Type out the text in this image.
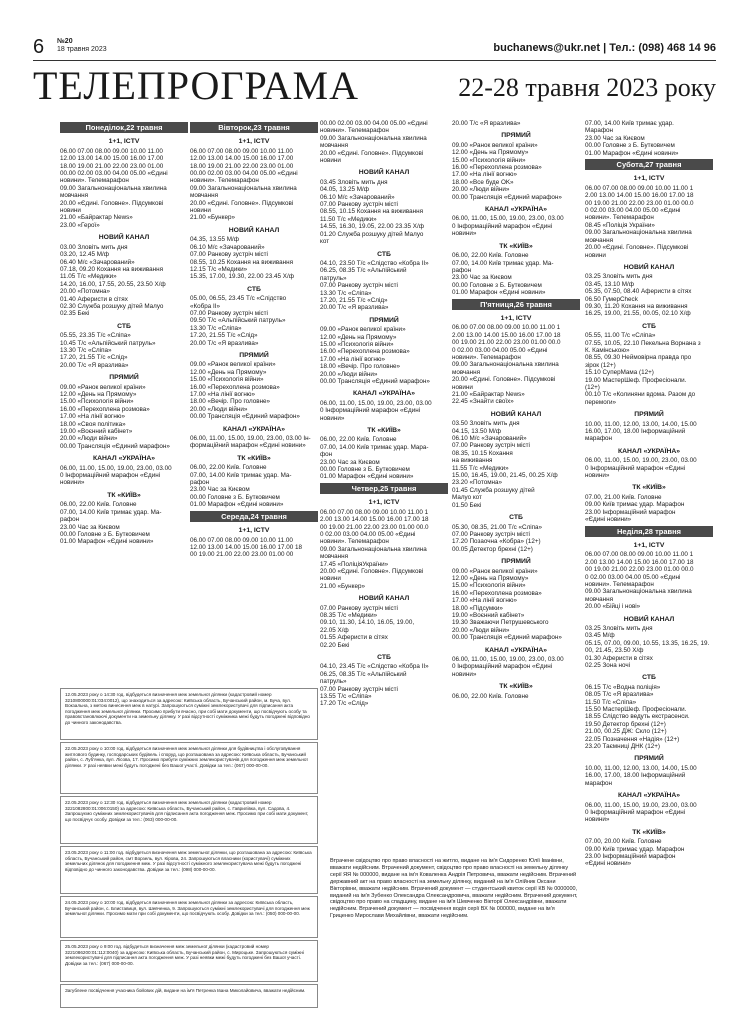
6 №20
18 травня 2023	buchanews@ukr.net | Тел.: (098) 468 14 96
ТЕЛЕПРОГРАМА	22-28 травня 2023 року
Понеділок,22 травня
1+1, ICTV
06.00 07.00 08.00 09.00 10.00 11.00
12.00 13.00 14.00 15.00 16.00 17.00
18.00 19.00 21.00 22.00 23.00 01.00
00.00 02.00 03.00 04.00 05.00 «Єдині
новини». Телемарафон
09.00 Загальнонаціональна хвилина
мовчання
20.00 «Єдині. Головне». Підсумкові
новини
21.00 «Байрактар News»
23.00 «Герої»
НОВИЙ КАНАЛ
03.00 Зловіть мить дня
03.20, 12.45 М/ф
06.40 М/с «Зачарований»
07.18, 09.20 Кохання на виживання
11.05 Т/с «Медики»
14.20, 16.00, 17.55, 20.55, 23.50 Х/ф
20.00 «Потомна»
01.40 Аферисти в сітях
02.30 Служба розшуку дітей Малуо
02.35 Бекі
СТБ
05.55, 23.35 Т/с «Сліпа»
10.45 Т/с «Альпійський патруль»
13.30 Т/с «Сліпа»
17.20, 21.55 Т/с «Слід»
20.00 Т/с «Я вразлива»
ПРЯМИЙ
09.00 «Ранок великої країни»
12.00 «День на Прямому»
15.00 «Психологія війни»
16.00 «Перехоплена розмова»
17.00 «На лінії вогню»
18.00 «Своя політика»
19.00 «Воєнний кабінет»
20.00 «Люди війни»
00.00 Трансляція «Єдиний марафон»
КАНАЛ «УКРАЇНА»
06.00, 11.00, 15.00, 19.00, 23.00, 03.00
0 Інформаційний марафон «Єдині
новини»
ТК «КИЇВ»
06.00, 22.00 Київ. Головне
07.00, 14.00 Київ тримає удар. Ма-
рафон
23.00 Час за Києвом
00.00 Головне з Б. Бутковичем
01.00 Марафон «Єдині новини»
Вівторок,23 травня
1+1, ICTV
06.00 07.00 08.00 09.00 10.00 11.00
12.00 13.00 14.00 15.00 16.00 17.00
18.00 19.00 21.00 22.00 23.00 01.00
00.00 02.00 03.00 04.00 05.00 «Єдині
новини». Телемарафон
09.00 Загальнонаціональна хвилина
мовчання
20.00 «Єдині. Головне». Підсумкові
новини
21.00 «Бункер»
НОВИЙ КАНАЛ
04.35, 13.55 М/ф
06.10 М/с «Зачарований»
07.00 Ранкову зустріч місті
08.55, 10.25 Кохання на виживання
12.15 Т/с «Медики»
15.35, 17.00, 19.30, 22.00 23.45 Х/ф
СТБ
05.00, 06.55, 23.45 Т/с «Слідство
«Кобра II»
07.00 Ранкову зустріч місті
09.50 Т/с «Альпійський патруль»
13.30 Т/с «Сліпа»
17.20, 21.55 Т/с «Слід»
20.00 Т/с «Я вразлива»
ПРЯМИЙ
09.00 «Ранок великої країни»
12.00 «День на Прямому»
15.00 «Психологія війни»
16.00 «Перехоплена розмова»
17.00 «На лінії вогню»
18.00 «Вечір. Про головне»
20.00 «Люди війни»
00.00 Трансляція «Єдиний марафон»
КАНАЛ «УКРАЇНА»
06.00, 11.00, 15.00, 19.00, 23.00, 03.00 Ін-
формаційний марафон «Єдині новини»
ТК «КИЇВ»
06.00, 22.00 Київ. Головне
07.00, 14.00 Київ тримає удар. Ма-
рафон
23.00 Час за Києвом
00.00 Головне з Б. Бутковичем
01.00 Марафон «Єдині новини»
Середа,24 травня
1+1, ICTV
06.00 07.00 08.00 09.00 10.00 11.00
12.00 13.00 14.00 15.00 16.00 17.00 18
00 19.00 21.00 22.00 23.00 01.00 00
00.00 02.00 03.00 04.00 05.00 «Єдині
новини». Телемарафон
09.00 Загальнонаціональна хвилина
мовчання
20.00 «Єдині. Головне». Підсумкові
новини
НОВИЙ КАНАЛ
03.45 Зловіть мить дня
04.05, 13.25 М/ф
06.10 М/с «Зачарований»
07.00 Ранкову зустріч місті
08.55, 10.15 Кохання на виживання
11.50 Т/с «Медики»
14.55, 16.30, 19.05, 22.00 23.35 Х/ф
01.20 Служба розшуку дітей Малуо
кот
СТБ
04.10, 23.50 Т/с «Слідство «Кобра II»
06.25, 08.35 Т/с «Альпійський
патруль»
07.00 Ранкову зустріч місті
13.30 Т/с «Сліпа»
17.20, 21.55 Т/с «Слід»
20.00 Т/с «Я вразлива»
ПРЯМИЙ
09.00 «Ранок великої країни»
12.00 «День на Прямому»
15.00 «Психологія війни»
16.00 «Перехоплена розмова»
17.00 «На лінії вогню»
18.00 «Вечір. Про головне»
20.00 «Люди війни»
00.00 Трансляція «Єдиний марафон»
КАНАЛ «УКРАЇНА»
06.00, 11.00, 15.00, 19.00, 23.00, 03.00
0 Інформаційний марафон «Єдині
новини»
ТК «КИЇВ»
06.00, 22.00 Київ. Головне
07.00, 14.00 Київ тримає удар. Мара-
фон
23.00 Час за Києвом
00.00 Головне з Б. Бутковичем
01.00 Марафон «Єдині новини»
Четвер,25 травня
1+1, ICTV
06.00 07.00 08.00 09.00 10.00 11.00 1
2.00 13.00 14.00 15.00 16.00 17.00 18
00 19.00 21.00 22.00 23.00 01.00 00.0
0 02.00 03.00 04.00 05.00 «Єдині
новини». Телемарафон
09.00 Загальнонаціональна хвилина
мовчання
17.45 «ПоліціяУкраїни»
20.00 «Єдині. Головне». Підсумкові
новини
21.00 «Бункер»
НОВИЙ КАНАЛ
07.00 Ранкову зустріч місті
08.35 Т/с «Медики»
09.10, 11.30, 14.10, 16.05, 19.00,
22.05 Х/ф
01.55 Аферисти в сітях
02.20 Бекі
СТБ
04.10, 23.45 Т/с «Слідство «Кобра II»
06.25, 08.35 Т/с «Альпійський
патруль»
07.00 Ранкову зустріч місті
13.55 Т/с «Сліпа»
17.20 Т/с «Слід»
20.00 Т/с «Я вразлива»
ПРЯМИЙ
09.00 «Ранок великої країни»
12.00 «День на Прямому»
15.00 «Психологія війни»
16.00 «Перехоплена розмова»
17.00 «На лінії вогню»
18.00 «Все буде OK»
20.00 «Люди війни»
00.00 Трансляція «Єдиний марафон»
КАНАЛ «УКРАЇНА»
06.00, 11.00, 15.00, 19.00, 23.00, 03.00
0 Інформаційний марафон «Єдині
новини»
ТК «КИЇВ»
06.00, 22.00 Київ. Головне
07.00, 14.00 Київ тримає удар. Ма-
рафон
23.00 Час за Києвом
00.00 Головне з Б. Бутковичем
01.00 Марафон «Єдині новини»
П'ятниця,26 травня
1+1, ICTV
06.00 07.00 08.00 09.00 10.00 11.00 1
2.00 13.00 14.00 15.00 16.00 17.00 18
00 19.00 21.00 22.00 23.00 01.00 00.0
0 02.00 03.00 04.00 05.00 «Єдині
новини». Телемарафон
09.00 Загальнонаціональна хвилина
мовчання
20.00 «Єдині. Головне». Підсумкові
новини
21.00 «Байрактар News»
22.45 «Знайти своїх»
НОВИЙ КАНАЛ
03.50 Зловіть мить дня
04.15, 13.50 М/ф
06.10 М/с «Зачарований»
07.00 Ранкову зустріч місті
08.35, 10.15 Кохання
на виживання
11.55 Т/с «Медики»
15.00, 16.45, 19.00, 21.45, 00.25 Х/ф
23.20 «Потомна»
01.45 Служба розшуку дітей
Малуо кот
01.50 Бекі
СТБ
05.30, 08.35, 21.00 Т/с «Сліпа»
07.00 Ранкову зустріч місті
17.20 Позаочна «Кобра» (12+)
00.05 Детектор брехні (12+)
ПРЯМИЙ
09.00 «Ранок великої країни»
12.00 «День на Прямому»
15.00 «Психологія війни»
16.00 «Перехоплена розмова»
17.00 «На лінії вогню»
18.00 «Підсумки»
19.00 «Воєнний кабінет»
19.30 Зважаючи Петрушевського
20.00 «Люди війни»
00.00 Трансляція «Єдиний марафон»
КАНАЛ «УКРАЇНА»
06.00, 11.00, 15.00, 19.00, 23.00, 03.00
0 Інформаційний марафон «Єдині
новини»
ТК «КИЇВ»
06.00, 22.00 Київ. Головне
07.00, 14.00 Київ тримає удар.
Марафон
23.00 Час за Києвом
00.00 Головне з Б. Бутковичем
01.00 Марафон «Єдині новини»
Субота,27 травня
1+1, ICTV
06.00 07.00 08.00 09.00 10.00 11.00 1
2.00 13.00 14.00 15.00 16.00 17.00 18
00 19.00 21.00 22.00 23.00 01.00 00.0
0 02.00 03.00 04.00 05.00 «Єдині
новини». Телемарафон
08.45 «Поліція України»
09.00 Загальнонаціональна хвилина
мовчання
20.00 «Єдині. Головне». Підсумкові
новини
НОВИЙ КАНАЛ
03.25 Зловіть мить дня
03.45, 13.10 М/ф
05.35, 07.50, 08.40 Аферисти в сітях
06.50 ҐумерCheck
09.30, 11.20 Кохання на виживання
16.25, 19.00, 21.55, 00.05, 02.10 Х/ф
СТБ
05.55, 11.00 Т/с «Сліпа»
07.55, 10.05, 22.10 Пекельна Ворнана з
К. Камінською»
08.55, 09.30 Неймовірна правда про
зірок (12+)
15.10 СуперМама (12+)
19.00 МастерШеф. Професіонали.
(12+)
00.10 Т/с «Колиняни вдома. Разом до
перемоги»
ПРЯМИЙ
10.00, 11.00, 12.00, 13.00, 14.00, 15.00
16.00, 17.00, 18.00 Інформаційний
марафон
КАНАЛ «УКРАЇНА»
06.00, 11.00, 15.00, 19.00, 23.00, 03.00
0 Інформаційний марафон «Єдині
новини»
ТК «КИЇВ»
07.00, 21.00 Київ. Головне
09.00 Київ тримає удар. Марафон
23.00 Інформаційний марафон
«Єдині новини»
Неділя,28 травня
1+1, ICTV
06.00 07.00 08.00 09.00 10.00 11.00 1
2.00 13.00 14.00 15.00 16.00 17.00 18
00 19.00 21.00 22.00 23.00 01.00 00.0
0 02.00 03.00 04.00 05.00 «Єдині
новини». Телемарафон
09.00 Загальнонаціональна хвилина
мовчання
20.00 «Бійці і нові»
НОВИЙ КАНАЛ
03.25 Зловіть мить дня
03.45 М/ф
05.15, 07.00, 09.00, 10.55, 13.35, 16.25, 19.
00, 21.45, 23.50 Х/ф
01.30 Аферисти в сітях
02.25 Зона ночі
СТБ
06.15 Т/с «Водна поліція»
08.05 Т/с «Я вразлива»
11.50 Т/с «Сліпа»
15.50 МастерШеф. Професіонали.
18.55 Слідство ведуть екстрасенси.
19.50 Детектор брехні (12+)
21.00, 00.25 ДЖ: Скло (12+)
22.05 Позначення «Надія» (12+)
23.20 Таємниці ДНК (12+)
ПРЯМИЙ
10.00, 11.00, 12.00, 13.00, 14.00, 15.00
16.00, 17.00, 18.00 Інформаційний
марафон
КАНАЛ «УКРАЇНА»
06.00, 11.00, 15.00, 19.00, 23.00, 03.00
0 Інформаційний марафон «Єдині
новини»
ТК «КИЇВ»
07.00, 20.00 Київ. Головне
09.00 Київ тримає удар. Марафон
23.00 Інформаційний марафон
«Єдині новини»
12.05.2023 року о 14:30 год. відбудеться визначення меж земельної ділянки (кадастровий номер 3210800000:01:034:0012), що знаходиться за адресою: Київська область, Бучанський район, м. Буча, вул. Вокзальна, з метою винесення меж в натурі. Запрошуються суміжні землекористувачі для підписання акта погодження меж земельної ділянки. Просимо прибути вчасно, при собі мати документи, що посвідчують особу та правовстановлюючі документи на земельну ділянку. У разі відсутності суміжника межі будуть погоджені відповідно до чинного законодавства.
22.05.2023 року о 10:00 год. відбудеться визначення меж земельної ділянки для будівництва і обслуговування житлового будинку, господарських будівель і споруд, що розташована за адресою: Київська область, Бучанський район, с. Луб'янка, вул. Лісова, 17. Просимо прибути суміжних землекористувачів для погодження меж земельної ділянки. У разі неявки межі будуть погоджені без Вашої участі. Довідки за тел.: (067) 000-00-00.
22.05.2023 року о 12:30 год. відбудеться визначення меж земельної ділянки (кадастровий номер 3221082800:01:006:0150) за адресою: Київська область, Бучанський район, с. Гаврилівка, вул. Садова, 4. Запрошуємо суміжних землекористувачів для підписання акта погодження меж. Просимо при собі мати документ, що посвідчує особу. Довідки за тел.: (063) 000-00-00.
23.05.2023 року о 11:00 год. відбудеться визначення меж земельної ділянки, що розташована за адресою: Київська область, Бучанський район, смт Ворзель, вул. Кірова, 24. Запрошуються власники (користувачі) суміжних земельних ділянок для погодження меж. У разі відсутності суміжного землекористувача межі будуть погоджені відповідно до чинного законодавства. Довідки за тел.: (098) 000-00-00.
24.05.2023 року о 10:00 год. відбудеться визначення меж земельної ділянки за адресою: Київська область, Бучанський район, с. Блиставиця, вул. Шевченка, 9. Запрошуються суміжні землекористувачі для погодження меж земельної ділянки. Просимо мати при собі документи, що посвідчують особу. Довідки за тел.: (050) 000-00-00.
25.05.2023 року о 9:00 год. відбудеться визначення меж земельної ділянки (кадастровий номер 3221086200:01:112:0040) за адресою: Київська область, Бучанський район, с. Мироцьке. Запрошуються суміжні землекористувачі для підписання акта погодження меж. У разі неявки межі будуть погоджені без Вашої участі. Довідки за тел.: (067) 000-00-00.
Загублене посвідчення учасника бойових дій, видане на ім'я Петренка Івана Миколайовича, вважати недійсним.
Втрачене свідоцтво про право власності на житло, видане на ім'я Сидоренко Юлії Іванівни, вважати недійсним. Втрачений документ, свідоцтво про право власності на земельну ділянку серії ЯЯ № 000000, видане на ім'я Коваленка Андрія Петровича, вважати недійсним. Втрачений державний акт на право власності на земельну ділянку, виданий на ім'я Олійник Оксани Вікторівни, вважати недійсним. Втрачений документ — студентський квиток серії КВ № 0000000, виданий на ім'я Зубенко Олександра Олександровича, вважати недійсним. Втрачений документ, свідоцтво про право на спадщину, видане на ім'я Шевченко Вікторії Олександрівни, вважати недійсним. Втрачений документ — посвідчення водія серії ВХ № 000000, видане на ім'я Гриценко Мирослави Михайлівни, вважати недійсним.
